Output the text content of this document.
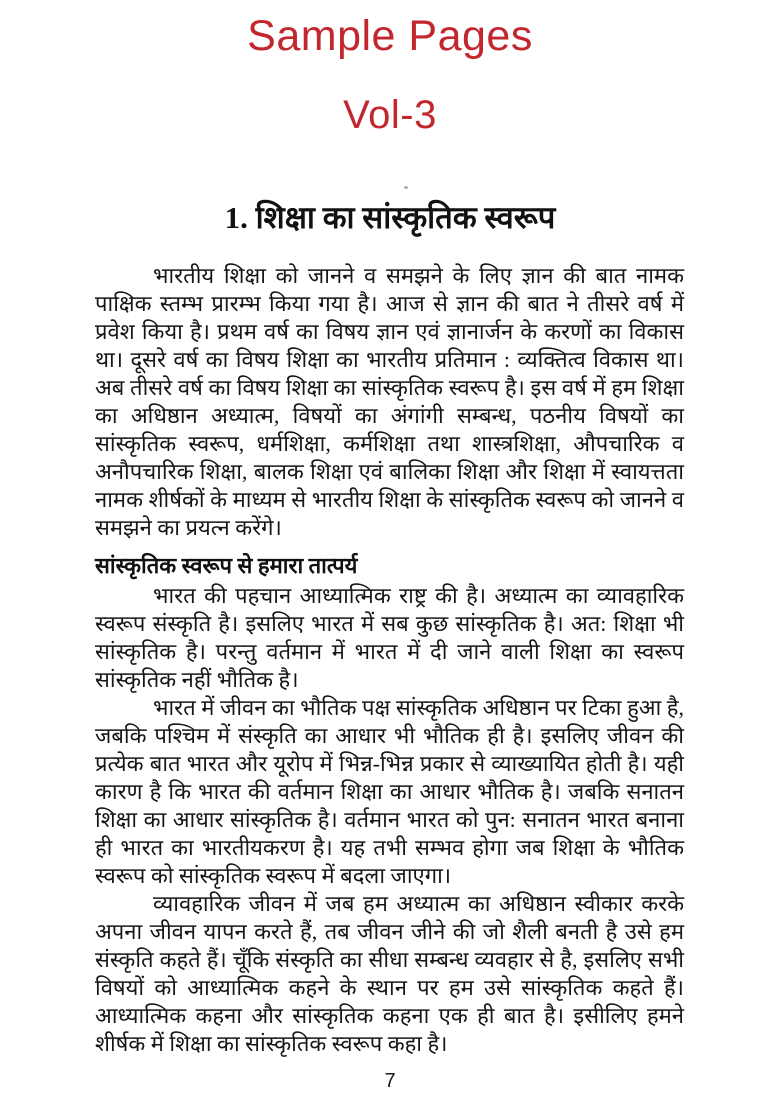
Sample Pages
Vol-3
1. शिक्षा का सांस्कृतिक स्वरूप

भारतीय शिक्षा को जानने व समझने के लिए ज्ञान की बात नामक पाक्षिक स्तम्भ प्रारम्भ किया गया है। आज से ज्ञान की बात ने तीसरे वर्ष में प्रवेश किया है। प्रथम वर्ष का विषय ज्ञान एवं ज्ञानार्जन के करणों का विकास था। दूसरे वर्ष का विषय शिक्षा का भारतीय प्रतिमान : व्यक्तित्व विकास था। अब तीसरे वर्ष का विषय शिक्षा का सांस्कृतिक स्वरूप है। इस वर्ष में हम शिक्षा का अधिष्ठान अध्यात्म, विषयों का अंगांगी सम्बन्ध, पठनीय विषयों का सांस्कृतिक स्वरूप, धर्मशिक्षा, कर्मशिक्षा तथा शास्त्रशिक्षा, औपचारिक व अनौपचारिक शिक्षा, बालक शिक्षा एवं बालिका शिक्षा और शिक्षा में स्वायत्तता नामक शीर्षकों के माध्यम से भारतीय शिक्षा के सांस्कृतिक स्वरूप को जानने व समझने का प्रयत्न करेंगे।

सांस्कृतिक स्वरूप से हमारा तात्पर्य

भारत की पहचान आध्यात्मिक राष्ट्र की है। अध्यात्म का व्यावहारिक स्वरूप संस्कृति है। इसलिए भारत में सब कुछ सांस्कृतिक है। अत: शिक्षा भी सांस्कृतिक है। परन्तु वर्तमान में भारत में दी जाने वाली शिक्षा का स्वरूप सांस्कृतिक नहीं भौतिक है।

भारत में जीवन का भौतिक पक्ष सांस्कृतिक अधिष्ठान पर टिका हुआ है, जबकि पश्चिम में संस्कृति का आधार भी भौतिक ही है। इसलिए जीवन की प्रत्येक बात भारत और यूरोप में भिन्न-भिन्न प्रकार से व्याख्यायित होती है। यही कारण है कि भारत की वर्तमान शिक्षा का आधार भौतिक है। जबकि सनातन शिक्षा का आधार सांस्कृतिक है। वर्तमान भारत को पुन: सनातन भारत बनाना ही भारत का भारतीयकरण है। यह तभी सम्भव होगा जब शिक्षा के भौतिक स्वरूप को सांस्कृतिक स्वरूप में बदला जाएगा।

व्यावहारिक जीवन में जब हम अध्यात्म का अधिष्ठान स्वीकार करके अपना जीवन यापन करते हैं, तब जीवन जीने की जो शैली बनती है उसे हम संस्कृति कहते हैं। चूँकि संस्कृति का सीधा सम्बन्ध व्यवहार से है, इसलिए सभी विषयों को आध्यात्मिक कहने के स्थान पर हम उसे सांस्कृतिक कहते हैं। आध्यात्मिक कहना और सांस्कृतिक कहना एक ही बात है। इसीलिए हमने शीर्षक में शिक्षा का सांस्कृतिक स्वरूप कहा है।

7
